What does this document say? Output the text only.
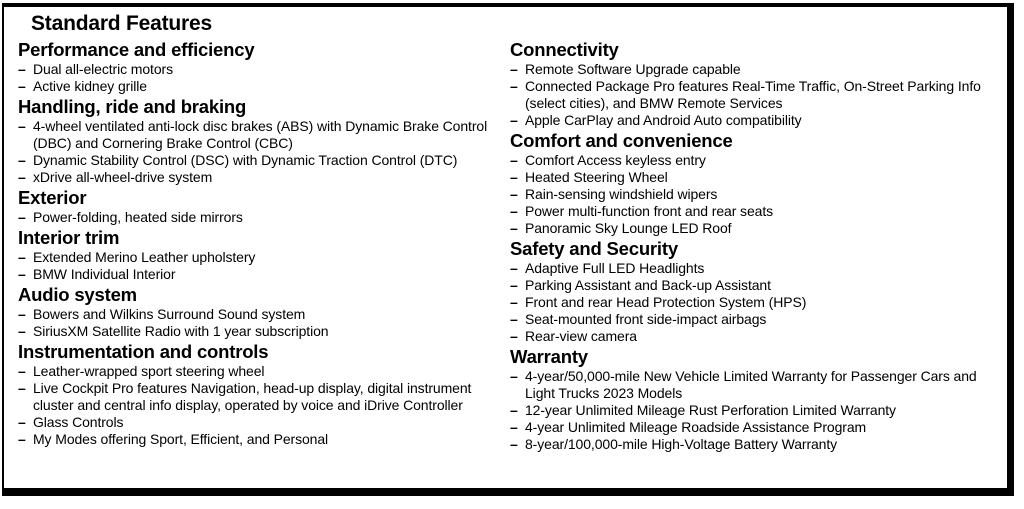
Standard Features
Performance and efficiency
– Dual all-electric motors
– Active kidney grille
Handling, ride and braking
– 4-wheel ventilated anti-lock disc brakes (ABS) with Dynamic Brake Control (DBC) and Cornering Brake Control (CBC)
– Dynamic Stability Control (DSC) with Dynamic Traction Control (DTC)
– xDrive all-wheel-drive system
Exterior
– Power-folding, heated side mirrors
Interior trim
– Extended Merino Leather upholstery
– BMW Individual Interior
Audio system
– Bowers and Wilkins Surround Sound system
– SiriusXM Satellite Radio with 1 year subscription
Instrumentation and controls
– Leather-wrapped sport steering wheel
– Live Cockpit Pro features Navigation, head-up display, digital instrument cluster and central info display, operated by voice and iDrive Controller
– Glass Controls
– My Modes offering Sport, Efficient, and Personal
Connectivity
– Remote Software Upgrade capable
– Connected Package Pro features Real-Time Traffic, On-Street Parking Info (select cities), and BMW Remote Services
– Apple CarPlay and Android Auto compatibility
Comfort and convenience
– Comfort Access keyless entry
– Heated Steering Wheel
– Rain-sensing windshield wipers
– Power multi-function front and rear seats
– Panoramic Sky Lounge LED Roof
Safety and Security
– Adaptive Full LED Headlights
– Parking Assistant and Back-up Assistant
– Front and rear Head Protection System (HPS)
– Seat-mounted front side-impact airbags
– Rear-view camera
Warranty
– 4-year/50,000-mile New Vehicle Limited Warranty for Passenger Cars and Light Trucks 2023 Models
– 12-year Unlimited Mileage Rust Perforation Limited Warranty
– 4-year Unlimited Mileage Roadside Assistance Program
– 8-year/100,000-mile High-Voltage Battery Warranty
